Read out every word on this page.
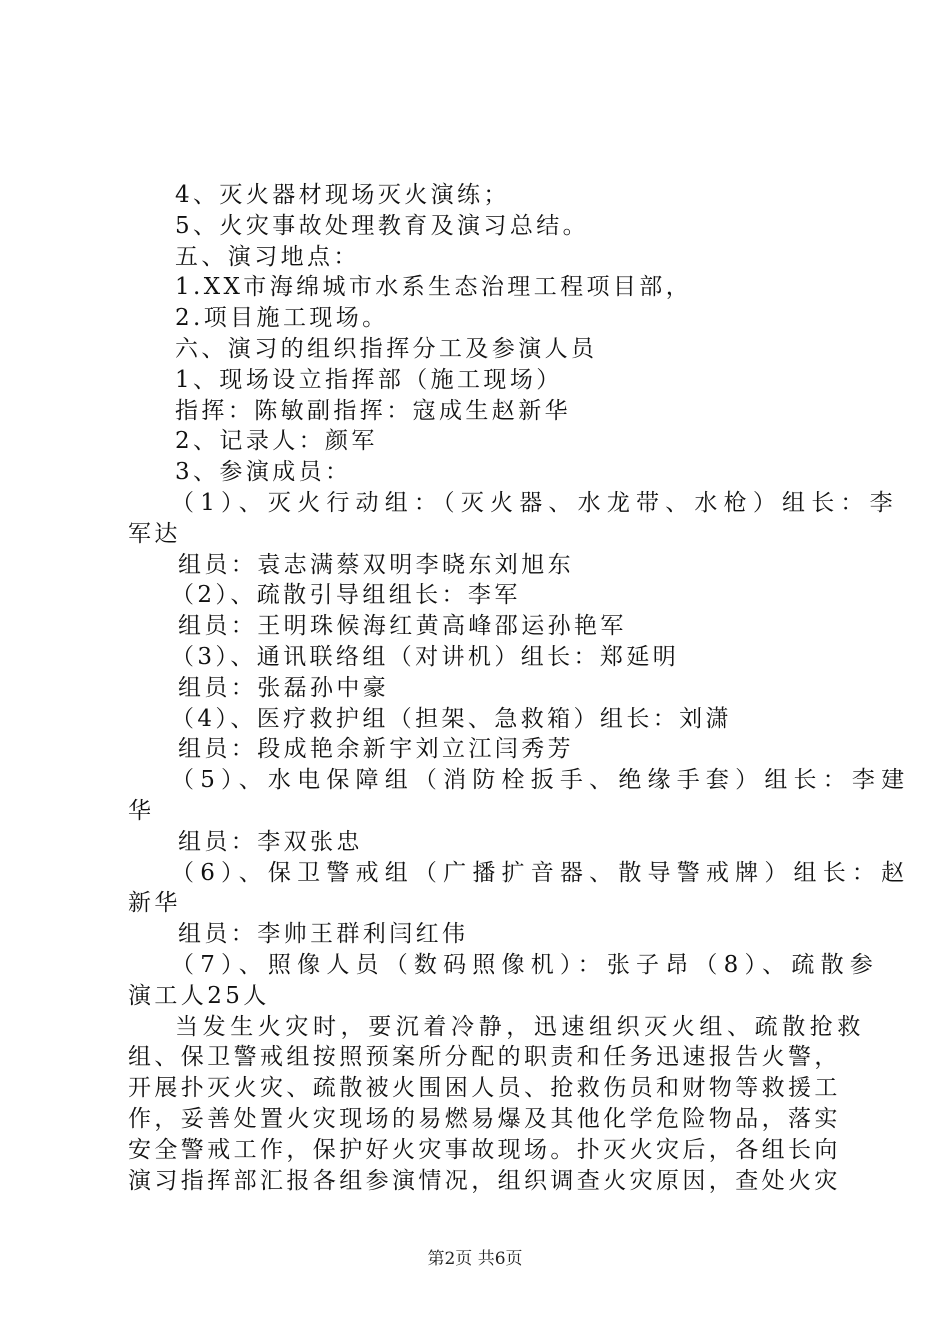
4、灭火器材现场灭火演练；
5、火灾事故处理教育及演习总结。
五、演习地点：
1.XX市海绵城市水系生态治理工程项目部，
2.项目施工现场。
六、演习的组织指挥分工及参演人员
1、现场设立指挥部（施工现场）
指挥：陈敏副指挥：寇成生赵新华
2、记录人：颜军
3、参演成员：
（1）、灭火行动组：（灭火器、水龙带、水枪）组长：李
军达
组员：袁志满蔡双明李晓东刘旭东
（2）、疏散引导组组长：李军
组员：王明珠候海红黄高峰邵运孙艳军
（3）、通讯联络组（对讲机）组长：郑延明
组员：张磊孙中豪
（4）、医疗救护组（担架、急救箱）组长：刘潇
组员：段成艳余新宇刘立江闫秀芳
（5）、水电保障组（消防栓扳手、绝缘手套）组长：李建
华
组员：李双张忠
（6）、保卫警戒组（广播扩音器、散导警戒牌）组长：赵
新华
组员：李帅王群利闫红伟
（7）、照像人员（数码照像机）：张子昂（8）、疏散参
演工人25人
当发生火灾时，要沉着冷静，迅速组织灭火组、疏散抢救
组、保卫警戒组按照预案所分配的职责和任务迅速报告火警，
开展扑灭火灾、疏散被火围困人员、抢救伤员和财物等救援工
作，妥善处置火灾现场的易燃易爆及其他化学危险物品，落实
安全警戒工作，保护好火灾事故现场。扑灭火灾后，各组长向
演习指挥部汇报各组参演情况，组织调查火灾原因，查处火灾
第2页 共6页
